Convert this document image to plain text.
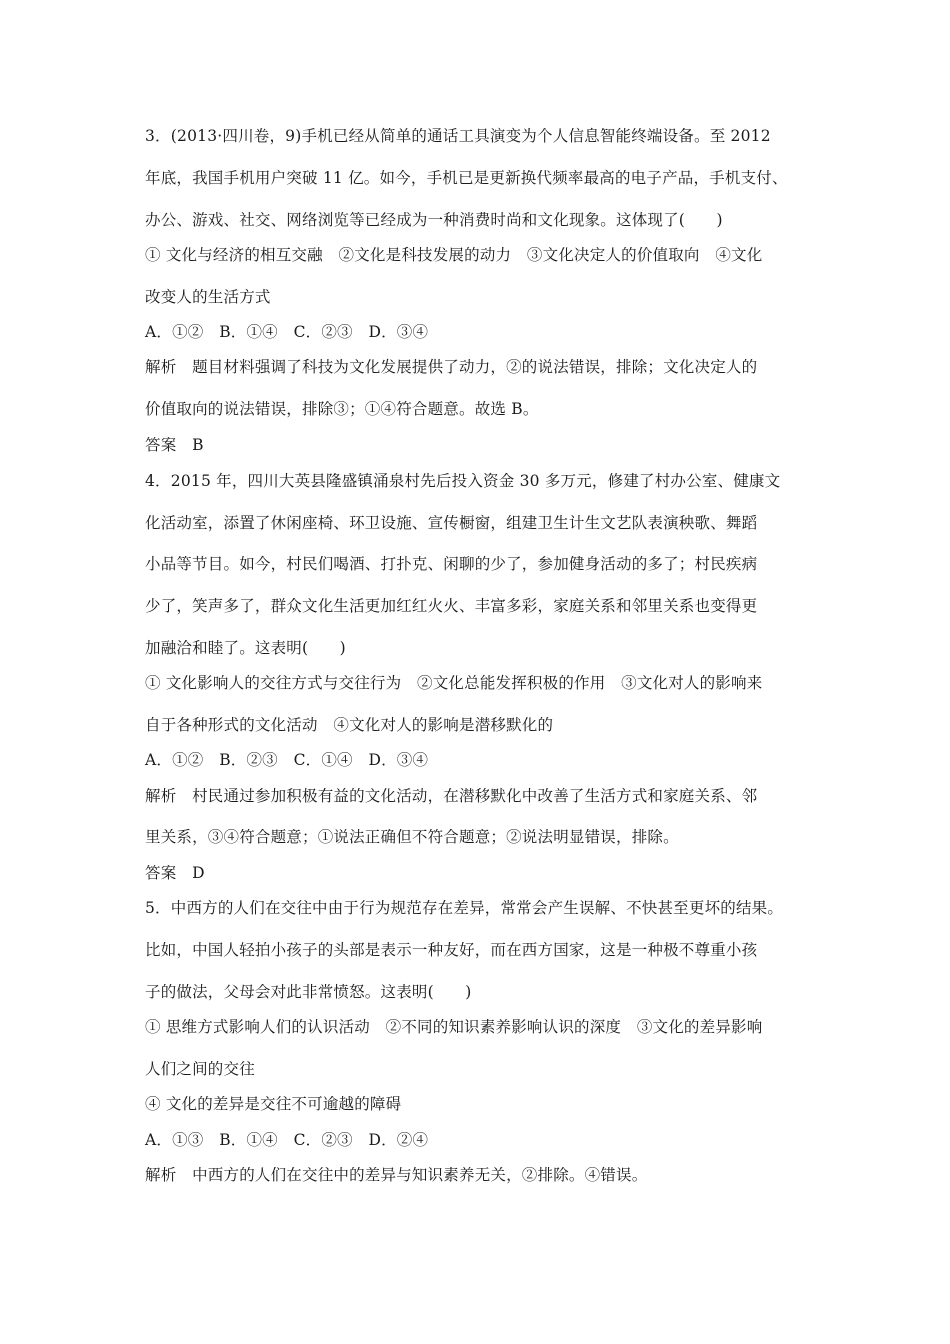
3．(2013·四川卷，9)手机已经从简单的通话工具演变为个人信息智能终端设备。至 2012
年底，我国手机用户突破 11 亿。如今，手机已是更新换代频率最高的电子产品，手机支付、
办公、游戏、社交、网络浏览等已经成为一种消费时尚和文化现象。这体现了(　　)
① 文化与经济的相互交融　②文化是科技发展的动力　③文化决定人的价值取向　④文化
改变人的生活方式
A．①②　B．①④　C．②③　D．③④
解析　题目材料强调了科技为文化发展提供了动力，②的说法错误，排除；文化决定人的
价值取向的说法错误，排除③；①④符合题意。故选 B。
答案　B
4．2015 年，四川大英县隆盛镇涌泉村先后投入资金 30 多万元，修建了村办公室、健康文
化活动室，添置了休闲座椅、环卫设施、宣传橱窗，组建卫生计生文艺队表演秧歌、舞蹈
小品等节目。如今，村民们喝酒、打扑克、闲聊的少了，参加健身活动的多了；村民疾病
少了，笑声多了，群众文化生活更加红红火火、丰富多彩，家庭关系和邻里关系也变得更
加融洽和睦了。这表明(　　)
① 文化影响人的交往方式与交往行为　②文化总能发挥积极的作用　③文化对人的影响来
自于各种形式的文化活动　④文化对人的影响是潜移默化的
A．①②　B．②③　C．①④　D．③④
解析　村民通过参加积极有益的文化活动，在潜移默化中改善了生活方式和家庭关系、邻
里关系，③④符合题意；①说法正确但不符合题意；②说法明显错误，排除。
答案　D
5．中西方的人们在交往中由于行为规范存在差异，常常会产生误解、不快甚至更坏的结果。
比如，中国人轻拍小孩子的头部是表示一种友好，而在西方国家，这是一种极不尊重小孩
子的做法，父母会对此非常愤怒。这表明(　　)
① 思维方式影响人们的认识活动　②不同的知识素养影响认识的深度　③文化的差异影响
人们之间的交往
④ 文化的差异是交往不可逾越的障碍
A．①③　B．①④　C．②③　D．②④
解析　中西方的人们在交往中的差异与知识素养无关，②排除。④错误。
